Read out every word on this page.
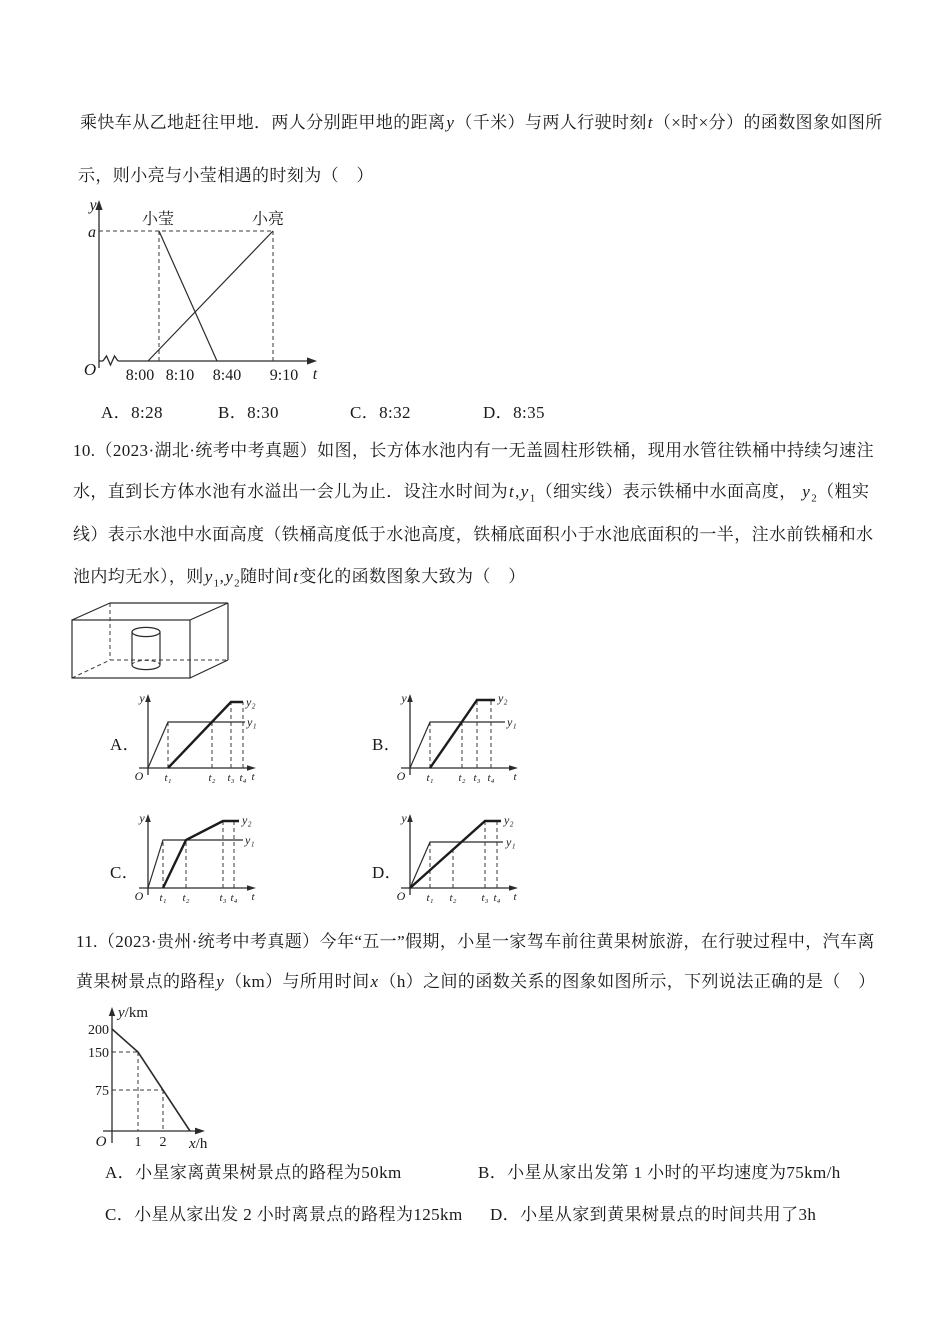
乘快车从乙地赶往甲地．两人分别距甲地的距离y（千米）与两人行驶时刻t（×时×分）的函数图象如图所
示，则小亮与小莹相遇的时刻为（　）
y
a
O
小莹	小亮
8:00 8:10 8:40 9:10 t
A．8:28	B．8:30	C．8:32	D．8:35
10.（2023·湖北·统考中考真题）如图，长方体水池内有一无盖圆柱形铁桶，现用水管往铁桶中持续匀速注
水，直到长方体水池有水溢出一会儿为止．设注水时间为$t,y_1$（细实线）表示铁桶中水面高度， $y_2$（粗实
线）表示水池中水面高度（铁桶高度低于水池高度，铁桶底面积小于水池底面积的一半，注水前铁桶和水
池内均无水），则$y_1,y_2$随时间t变化的函数图象大致为（　）
A．
y
O t₁	t₂ t₃ t₄ t
y₂
y₁
B．
y
O t₁ t₂ t₃ t₄ t
y₂
y₁
C．
y
O t₁ t₂	t₃ t₄ t
y₂
y₁
D．
y
O t₁ t₂ t₃ t₄ t
y₂
y₁
11.（2023·贵州·统考中考真题）今年“五一”假期，小星一家驾车前往黄果树旅游，在行驶过程中，汽车离
黄果树景点的路程y（km）与所用时间x（h）之间的函数关系的图象如图所示，下列说法正确的是（　）
y/km
200
150
75
O 1 2 x/h
A．小星家离黄果树景点的路程为50km	B．小星从家出发第 1 小时的平均速度为75km/h
C．小星从家出发 2 小时离景点的路程为125km D．小星从家到黄果树景点的时间共用了3h
